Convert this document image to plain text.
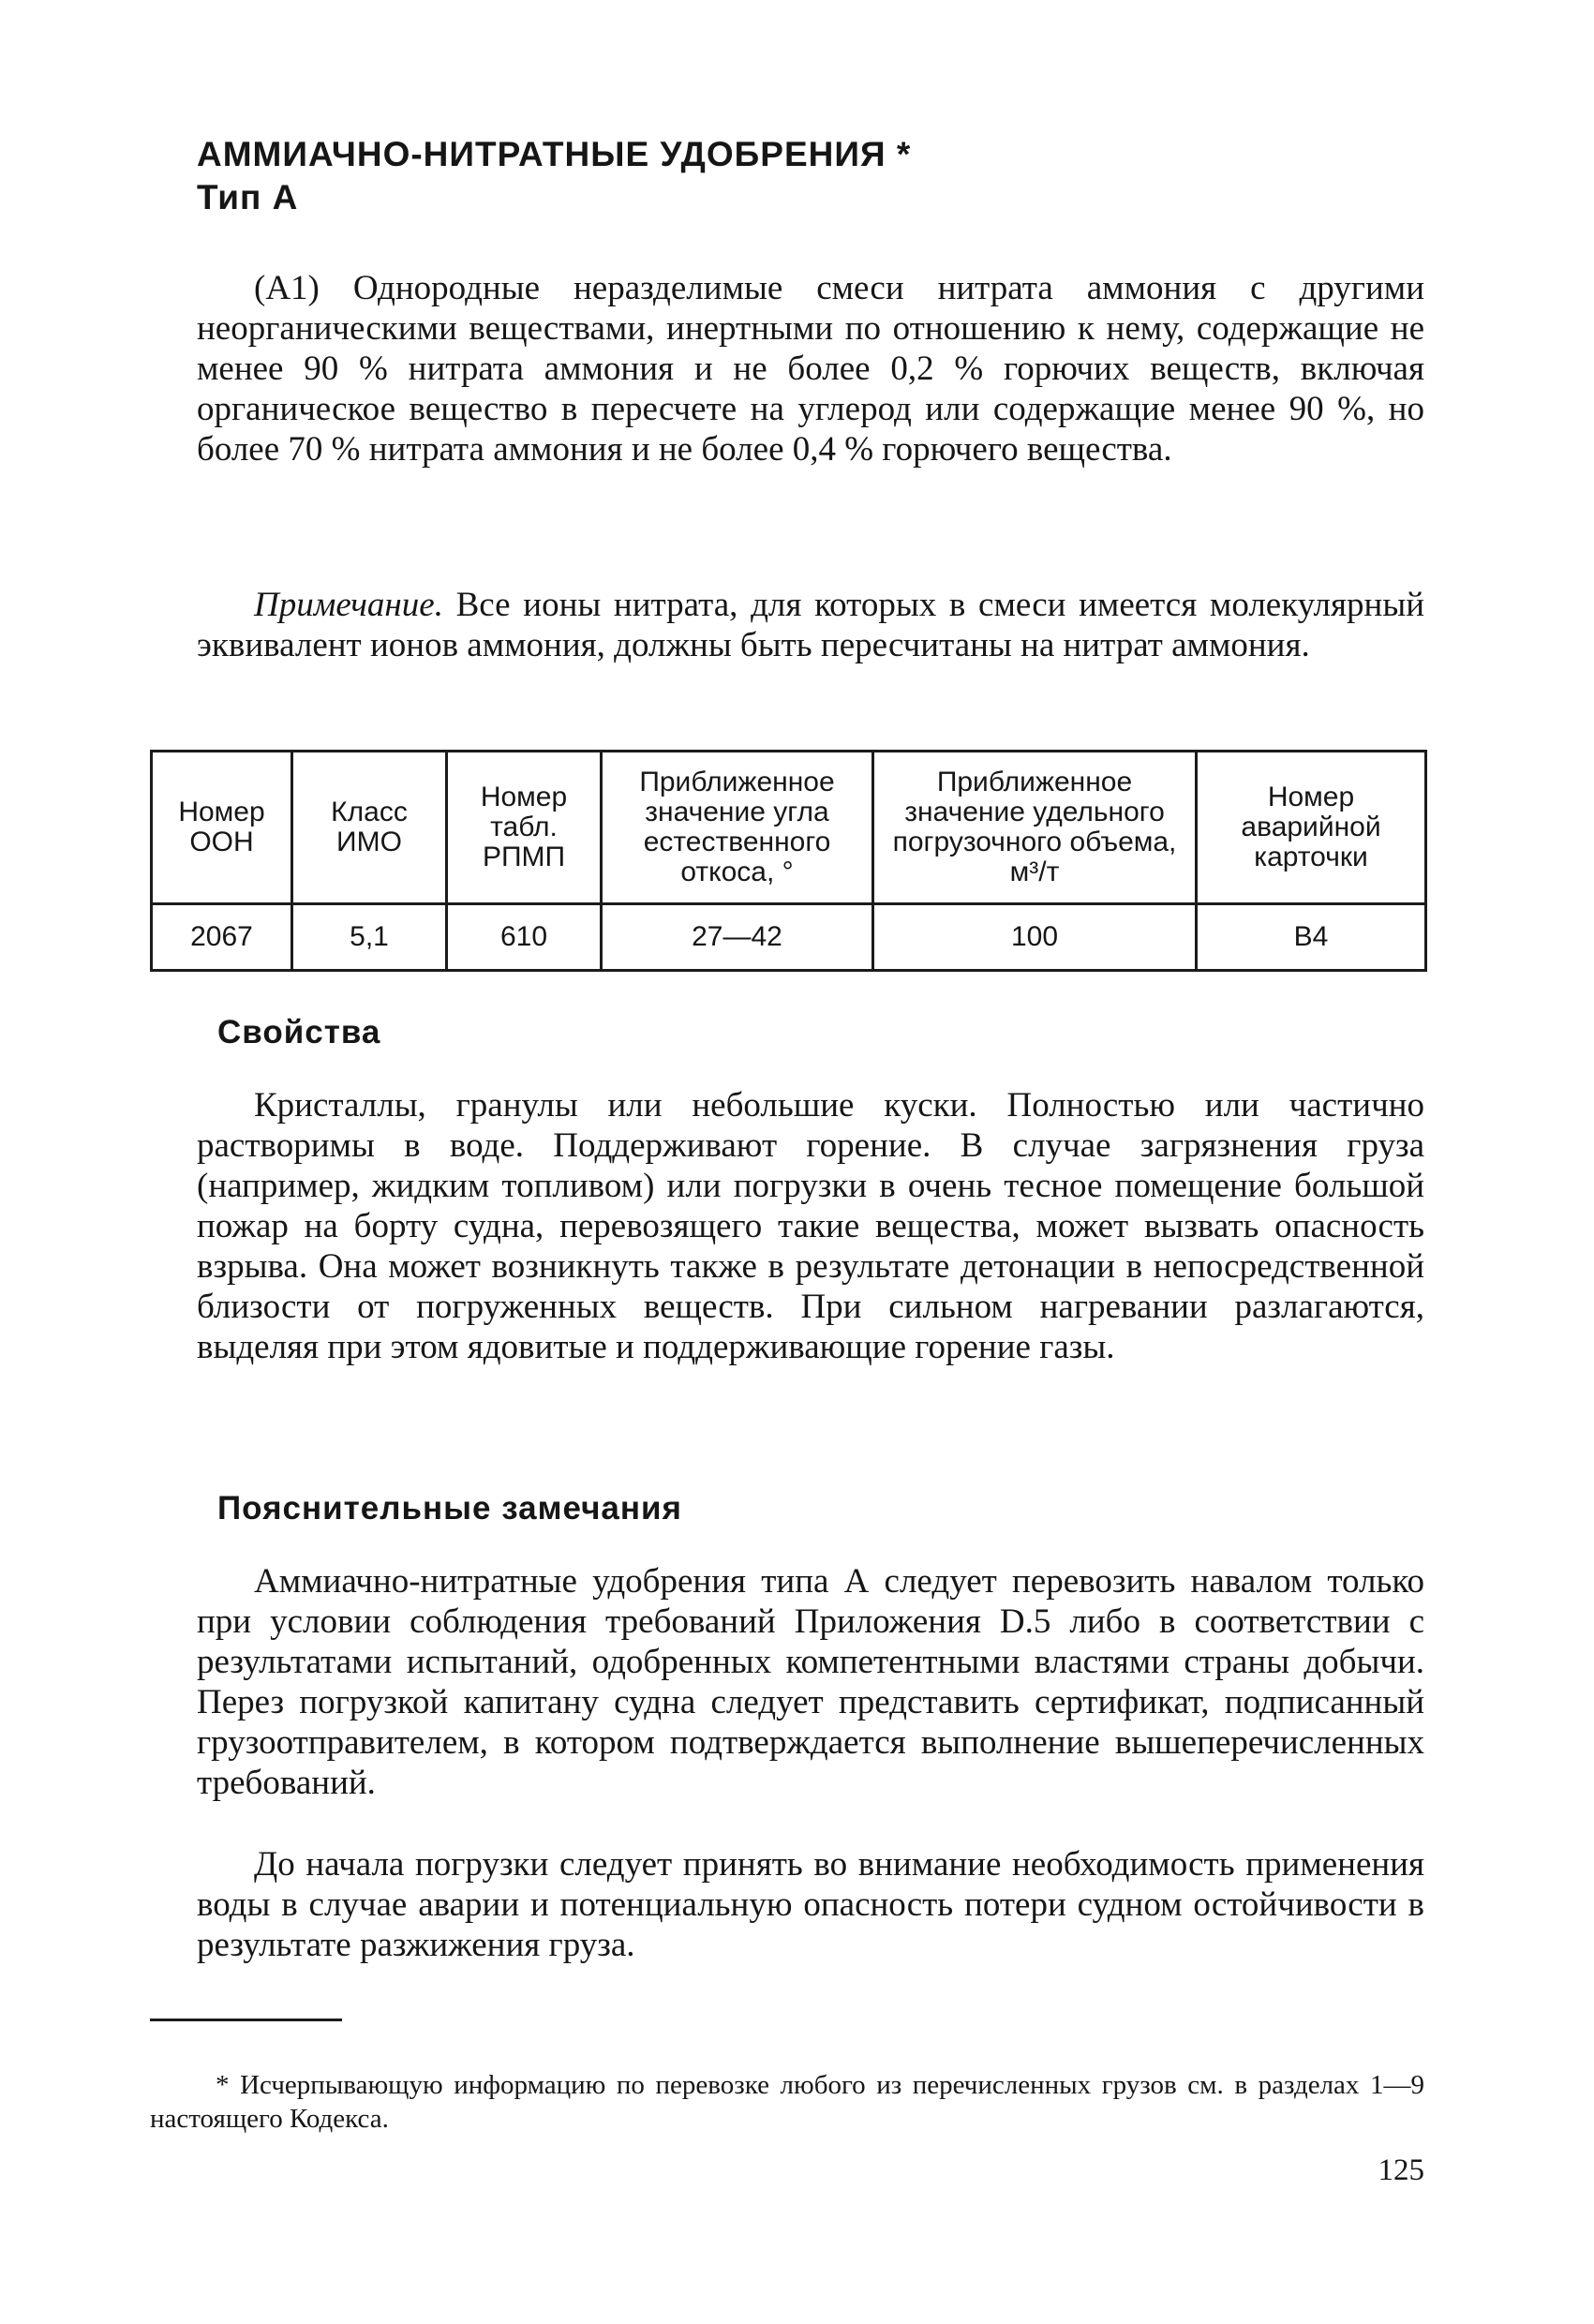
АММИАЧНО-НИТРАТНЫЕ УДОБРЕНИЯ *
Тип А

(А1) Однородные неразделимые смеси нитрата аммония с другими неорганическими веществами, инертными по отношению к нему, содержащие не менее 90 % нитрата аммония и не более 0,2 % горючих веществ, включая органическое вещество в пересчете на углерод или содержащие менее 90 %, но более 70 % нитрата аммония и не более 0,4 % горючего вещества.

Примечание. Все ионы нитрата, для которых в смеси имеется молекулярный эквивалент ионов аммония, должны быть пересчитаны на нитрат аммония.

Номер ООН	Класс ИМО	Номер табл. РПМП	Приближенное значение угла естественного откоса, °	Приближенное значение удельного погрузочного объема, м³/т	Номер аварийной карточки
2067	5,1	610	27—42	100	В4
Свойства

Кристаллы, гранулы или небольшие куски. Полностью или частично растворимы в воде. Поддерживают горение. В случае загрязнения груза (например, жидким топливом) или погрузки в очень тесное помещение большой пожар на борту судна, перевозящего такие вещества, может вызвать опасность взрыва. Она может возникнуть также в результате детонации в непосредственной близости от погруженных веществ. При сильном нагревании разлагаются, выделяя при этом ядовитые и поддерживающие горение газы.

Пояснительные замечания

Аммиачно-нитратные удобрения типа А следует перевозить навалом только при условии соблюдения требований Приложения D.5 либо в соответствии с результатами испытаний, одобренных компетентными властями страны добычи. Перез погрузкой капитану судна следует представить сертификат, подписанный грузоотправителем, в котором подтверждается выполнение вышеперечисленных требований.

До начала погрузки следует принять во внимание необходимость применения воды в случае аварии и потенциальную опасность потери судном остойчивости в результате разжижения груза.

* Исчерпывающую информацию по перевозке любого из перечисленных грузов см. в разделах 1—9 настоящего Кодекса.

125
